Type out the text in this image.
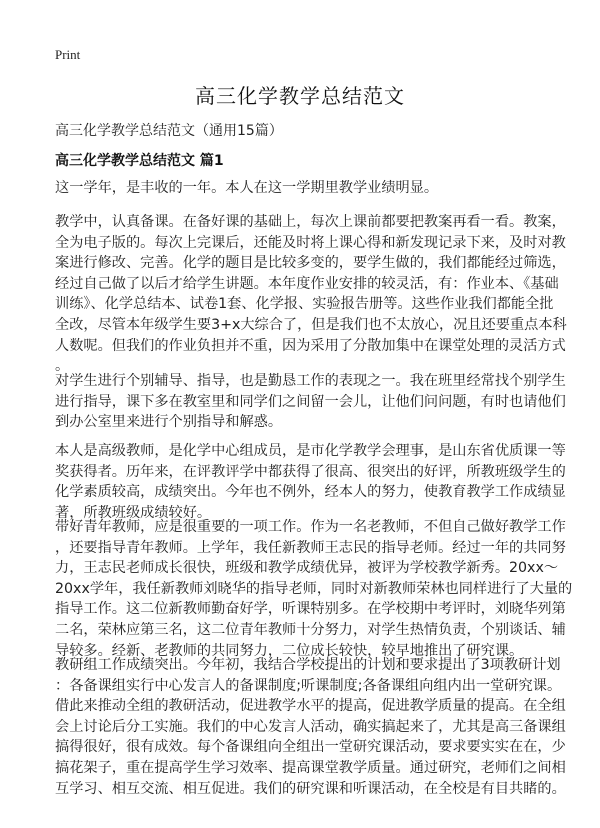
Print
高三化学教学总结范文
高三化学教学总结范文（通用15篇）
高三化学教学总结范文 篇1
这一学年，是丰收的一年。本人在这一学期里教学业绩明显。
教学中，认真备课。在备好课的基础上，每次上课前都要把教案再看一看。教案，
全为电子版的。每次上完课后，还能及时将上课心得和新发现记录下来，及时对教
案进行修改、完善。化学的题目是比较多变的，要学生做的，我们都能经过筛选，
经过自己做了以后才给学生讲题。本年度作业安排的较灵活，有：作业本、《基础
训练》、化学总结本、试卷1套、化学报、实验报告册等。这些作业我们都能全批
全改，尽管本年级学生要3+x大综合了，但是我们也不太放心，况且还要重点本科
人数呢。但我们的作业负担并不重，因为采用了分散加集中在课堂处理的灵活方式
。
对学生进行个别辅导、指导，也是勤恳工作的表现之一。我在班里经常找个别学生
进行指导，课下多在教室里和同学们之间留一会儿，让他们问问题，有时也请他们
到办公室里来进行个别指导和解惑。
本人是高级教师，是化学中心组成员，是市化学教学会理事，是山东省优质课一等
奖获得者。历年来，在评教评学中都获得了很高、很突出的好评，所教班级学生的
化学素质较高，成绩突出。今年也不例外，经本人的努力，使教育教学工作成绩显
著，所教班级成绩较好。
带好青年教师，应是很重要的一项工作。作为一名老教师，不但自己做好教学工作
，还要指导青年教师。上学年，我任新教师王志民的指导老师。经过一年的共同努
力，王志民老师成长很快，班级和教学成绩优异，被评为学校教学新秀。20xx～
20xx学年，我任新教师刘晓华的指导老师，同时对新教师荣林也同样进行了大量的
指导工作。这二位新教师勤奋好学，听课特别多。在学校期中考评时，刘晓华列第
二名，荣林应第三名，这二位青年教师十分努力，对学生热情负责，个别谈话、辅
导较多。经新、老教师的共同努力，二位成长较快，较早地推出了研究课。
教研组工作成绩突出。今年初，我结合学校提出的计划和要求提出了3项教研计划
：各备课组实行中心发言人的备课制度;听课制度;各备课组向组内出一堂研究课。
借此来推动全组的教研活动，促进教学水平的提高，促进教学质量的提高。在全组
会上讨论后分工实施。我们的中心发言人活动，确实搞起来了，尤其是高三备课组
搞得很好，很有成效。每个备课组向全组出一堂研究课活动，要求要实实在在，少
搞花架子，重在提高学生学习效率、提高课堂教学质量。通过研究，老师们之间相
互学习、相互交流、相互促进。我们的研究课和听课活动，在全校是有目共睹的。
